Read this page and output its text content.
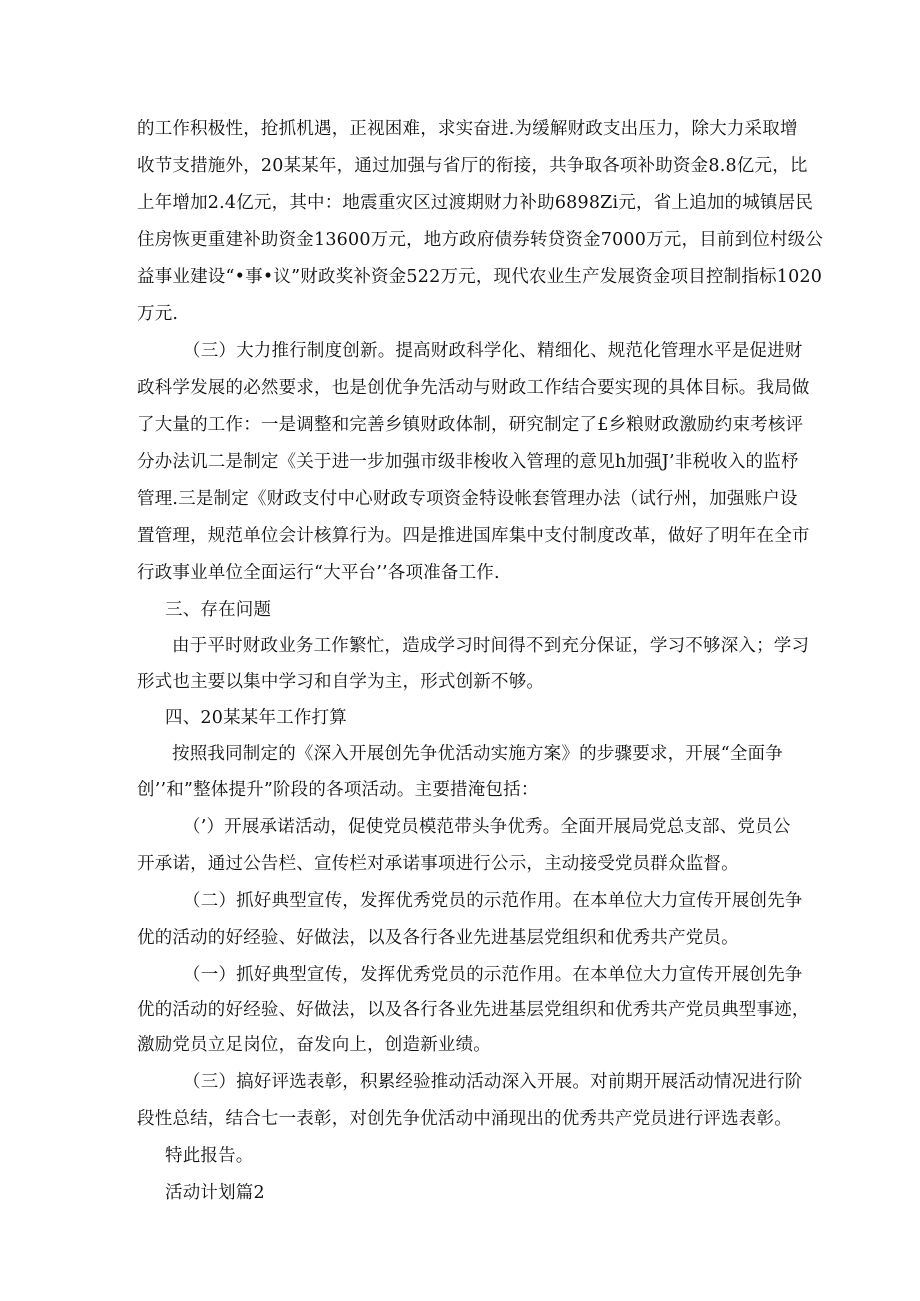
的工作积极性，抢抓机遇，正视困难，求实奋进.为缓解财政支出压力，除大力采取增
收节支措施外，20某某年，通过加强与省厅的衔接，共争取各项补助资金8.8亿元，比
上年增加2.4亿元，其中：地震重灾区过渡期财力补助6898Zi元，省上追加的城镇居民
住房恢更重建补助资金13600万元，地方政府债券转贷资金7000万元，目前到位村级公
益事业建设“•事•议”财政奖补资金522万元，现代农业生产发展资金项目控制指标1020
万元.
（三）大力推行制度创新。提高财政科学化、精细化、规范化管理水平是促进财
政科学发展的必然要求，也是创优争先活动与财政工作结合要实现的具体目标。我局做
了大量的工作：一是调整和完善乡镇财政体制，研究制定了£乡粮财政激励约束考核评
分办法讥二是制定《关于进一步加强市级非梭收入管理的意见h加强J’非税收入的监杼
管理.三是制定《财政支付中心财政专项资金特设帐套管理办法（试行州，加强账户设
置管理，规范单位会计核算行为。四是推进国库集中支付制度改革，做好了明年在全市
行政事业单位全面运行“大平台’’各项准备工作.
三、存在问题
由于平时财政业务工作繁忙，造成学习时间得不到充分保证，学习不够深入；学习
形式也主要以集中学习和自学为主，形式创新不够。
四、20某某年工作打算
按照我同制定的《深入开展创先争优活动实施方案》的步骤要求，开展“全面争
创’’和”整体提升”阶段的各项活动。主要措淹包括：
（’）开展承诺活动，促使党员模范带头争优秀。全面开展局党总支部、党员公
开承诺，通过公告栏、宣传栏对承诺事项进行公示，主动接受党员群众监督。
（二）抓好典型宣传，发挥优秀党员的示范作用。在本单位大力宣传开展创先争
优的活动的好经验、好做法，以及各行各业先进基层党组织和优秀共产党员。
（一）抓好典型宣传，发挥优秀党员的示范作用。在本单位大力宣传开展创先争
优的活动的好经验、好做法，以及各行各业先进基层党组织和优秀共产党员典型事迹，
激励党员立足岗位，奋发向上，创造新业绩。
（三）搞好评选表彰，积累经验推动活动深入开展。对前期开展活动情况进行阶
段性总结，结合七一表彰，对创先争优活动中涌现出的优秀共产党员进行评选表彰。
特此报告。
活动计划篇2
